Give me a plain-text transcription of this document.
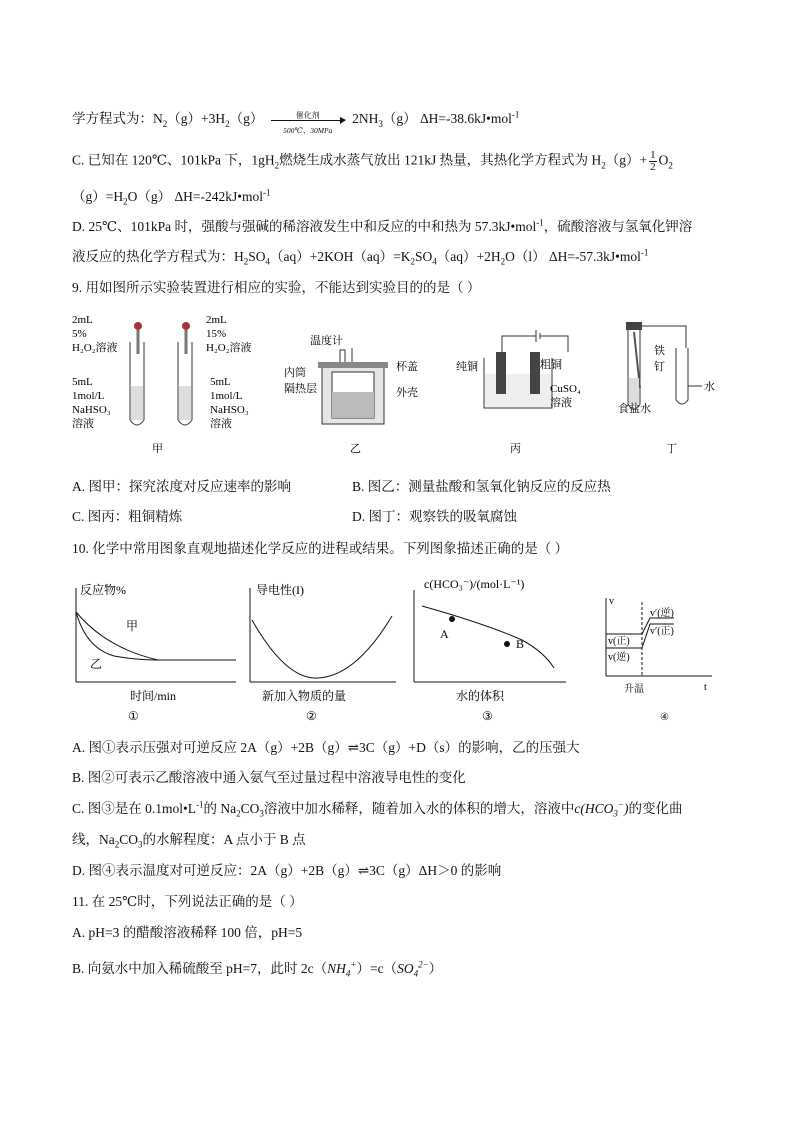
学方程式为：$N_2(g)+3H_2(g)$	催化剂
500℃、30MPa
$2NH_3(g)$ ΔH=-38.6kJ•mol$^{-1}$
C. 已知在 120℃、101kPa 下，$1gH_2$燃烧生成水蒸气放出 121kJ 热量，其热化学方程式为 $H_2(g)+ \frac{1}{2} O_2$
$(g)=H_2O(g)$ ΔH=-242kJ•mol$^{-1}$
D. 25℃、101kPa 时，强酸与强碱的稀溶液发生中和反应的中和热为 57.3kJ•mol$^{-1}$，硫酸溶液与氢氧化钾溶
液反应的热化学方程式为：$H_2SO_4(aq)+2KOH(aq)=K_2SO_4(aq)+2H_2O(l)$ ΔH=-57.3kJ•mol$^{-1}$
9. 用如图所示实验装置进行相应的实验，不能达到实验目的的是（ ）
2mL
5%
H₂O₂溶液
5mL
1mol/L
NaHSO₃
溶液
2mL
15%
H₂O₂溶液
5mL
1mol/L
NaHSO₃
溶液
甲
温度计
杯盖
内筒
隔热层	外壳
乙
纯铜	粗铜
CuSO₄
溶液
丙
铁
钉
水
食盐水
丁
A. 图甲：探究浓度对反应速率的影响	B. 图乙：测量盐酸和氢氧化钠反应的反应热
C. 图丙：粗铜精炼	D. 图丁：观察铁的吸氧腐蚀
10. 化学中常用图象直观地描述化学反应的进程或结果。下列图象描述正确的是（ ）
反应物%
甲
乙
时间/min
①
导电性(I)
新加入物质的量
②
c(HCO₃⁻)/(mol·L⁻¹)
A
B
水的体积
③
v
v′(逆)
v′(正)
v(正)
v(逆)
升温	t
④
A. 图①表示压强对可逆反应 2A（g）+2B（g）⇌3C（g）+D（s）的影响，乙的压强大
B. 图②可表示乙酸溶液中通入氨气至过量过程中溶液导电性的变化
C. 图③是在 $0.1mol•L^{-1}$的 $Na_2CO_3$溶液中加水稀释，随着加入水的体积的增大，溶液中$c(HCO_3^-)$的变化曲
线，$Na_2CO_3$的水解程度：A 点小于 B 点
D. 图④表示温度对可逆反应：2A（g）+2B（g）⇌3C（g）ΔH＞0 的影响
11. 在 25℃时，下列说法正确的是（ ）
A. pH=3 的醋酸溶液稀释 100 倍，pH=5
B. 向氨水中加入稀硫酸至 pH=7，此时 $2c(NH_4^+)=c(SO_4^{2-})$
